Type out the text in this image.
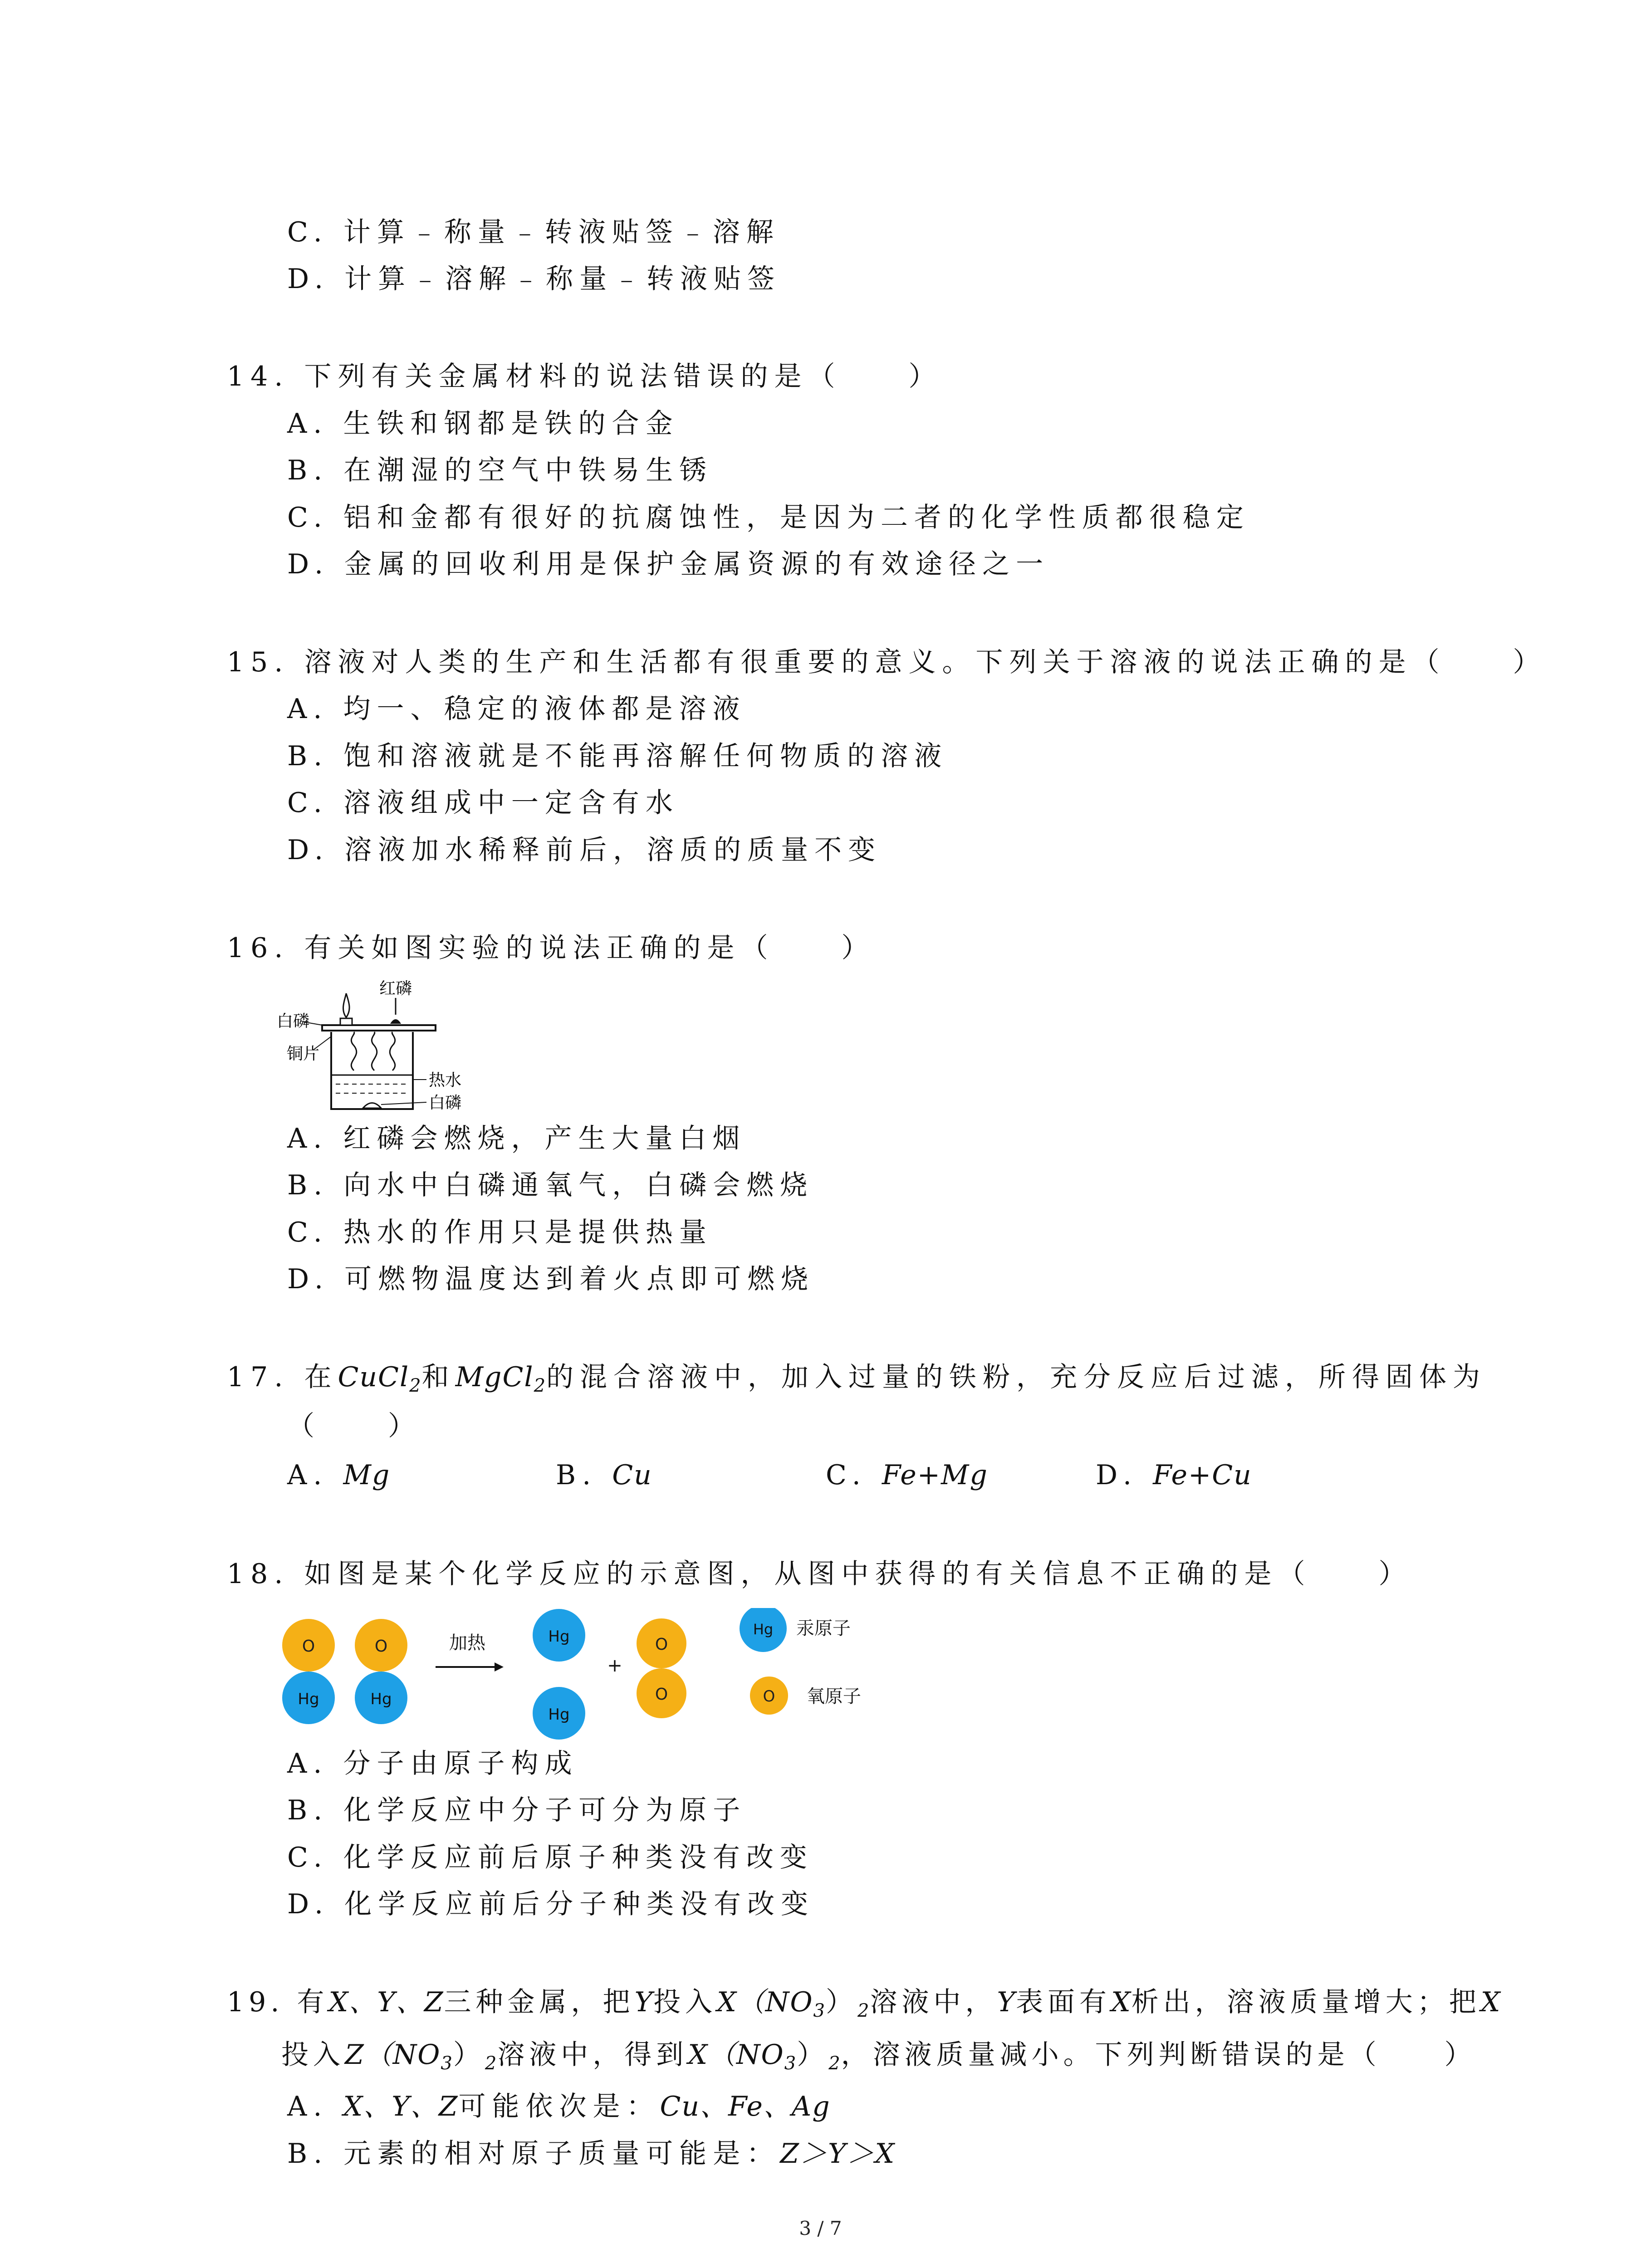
C. 计算﹣称量﹣转液贴签﹣溶解
D. 计算﹣溶解﹣称量﹣转液贴签
14. 下列有关金属材料的说法错误的是（　　）
A. 生铁和钢都是铁的合金
B. 在潮湿的空气中铁易生锈
C. 铝和金都有很好的抗腐蚀性，是因为二者的化学性质都很稳定
D. 金属的回收利用是保护金属资源的有效途径之一
15. 溶液对人类的生产和生活都有很重要的意义。下列关于溶液的说法正确的是（　　）
A. 均一、稳定的液体都是溶液
B. 饱和溶液就是不能再溶解任何物质的溶液
C. 溶液组成中一定含有水
D. 溶液加水稀释前后，溶质的质量不变
16. 有关如图实验的说法正确的是（　　）
红磷
白磷
铜片
热水
白磷
A. 红磷会燃烧，产生大量白烟
B. 向水中白磷通氧气，白磷会燃烧
C. 热水的作用只是提供热量
D. 可燃物温度达到着火点即可燃烧
17. 在CuCl$_2$和MgCl$_2$的混合溶液中，加入过量的铁粉，充分反应后过滤，所得固体为
（　　）
A. Mg	B. Cu	C. Fe+Mg	D. Fe+Cu
18. 如图是某个化学反应的示意图，从图中获得的有关信息不正确的是（　　）
O
Hg
O
Hg
加热	Hg
Hg
+
O
O
Hg 汞原子
O 氧原子
A. 分子由原子构成
B. 化学反应中分子可分为原子
C. 化学反应前后原子种类没有改变
D. 化学反应前后分子种类没有改变
19. 有X、Y、Z三种金属，把Y投入$X(NO_3)_2$溶液中，Y表面有X析出，溶液质量增大；把X
投入$Z(NO_3)_2$溶液中，得到$X(NO_3)_2$，溶液质量减小。下列判断错误的是（　　）
A. X、Y、Z可能依次是：Cu、Fe、Ag
B. 元素的相对原子质量可能是：Z＞Y＞X
3 / 7
